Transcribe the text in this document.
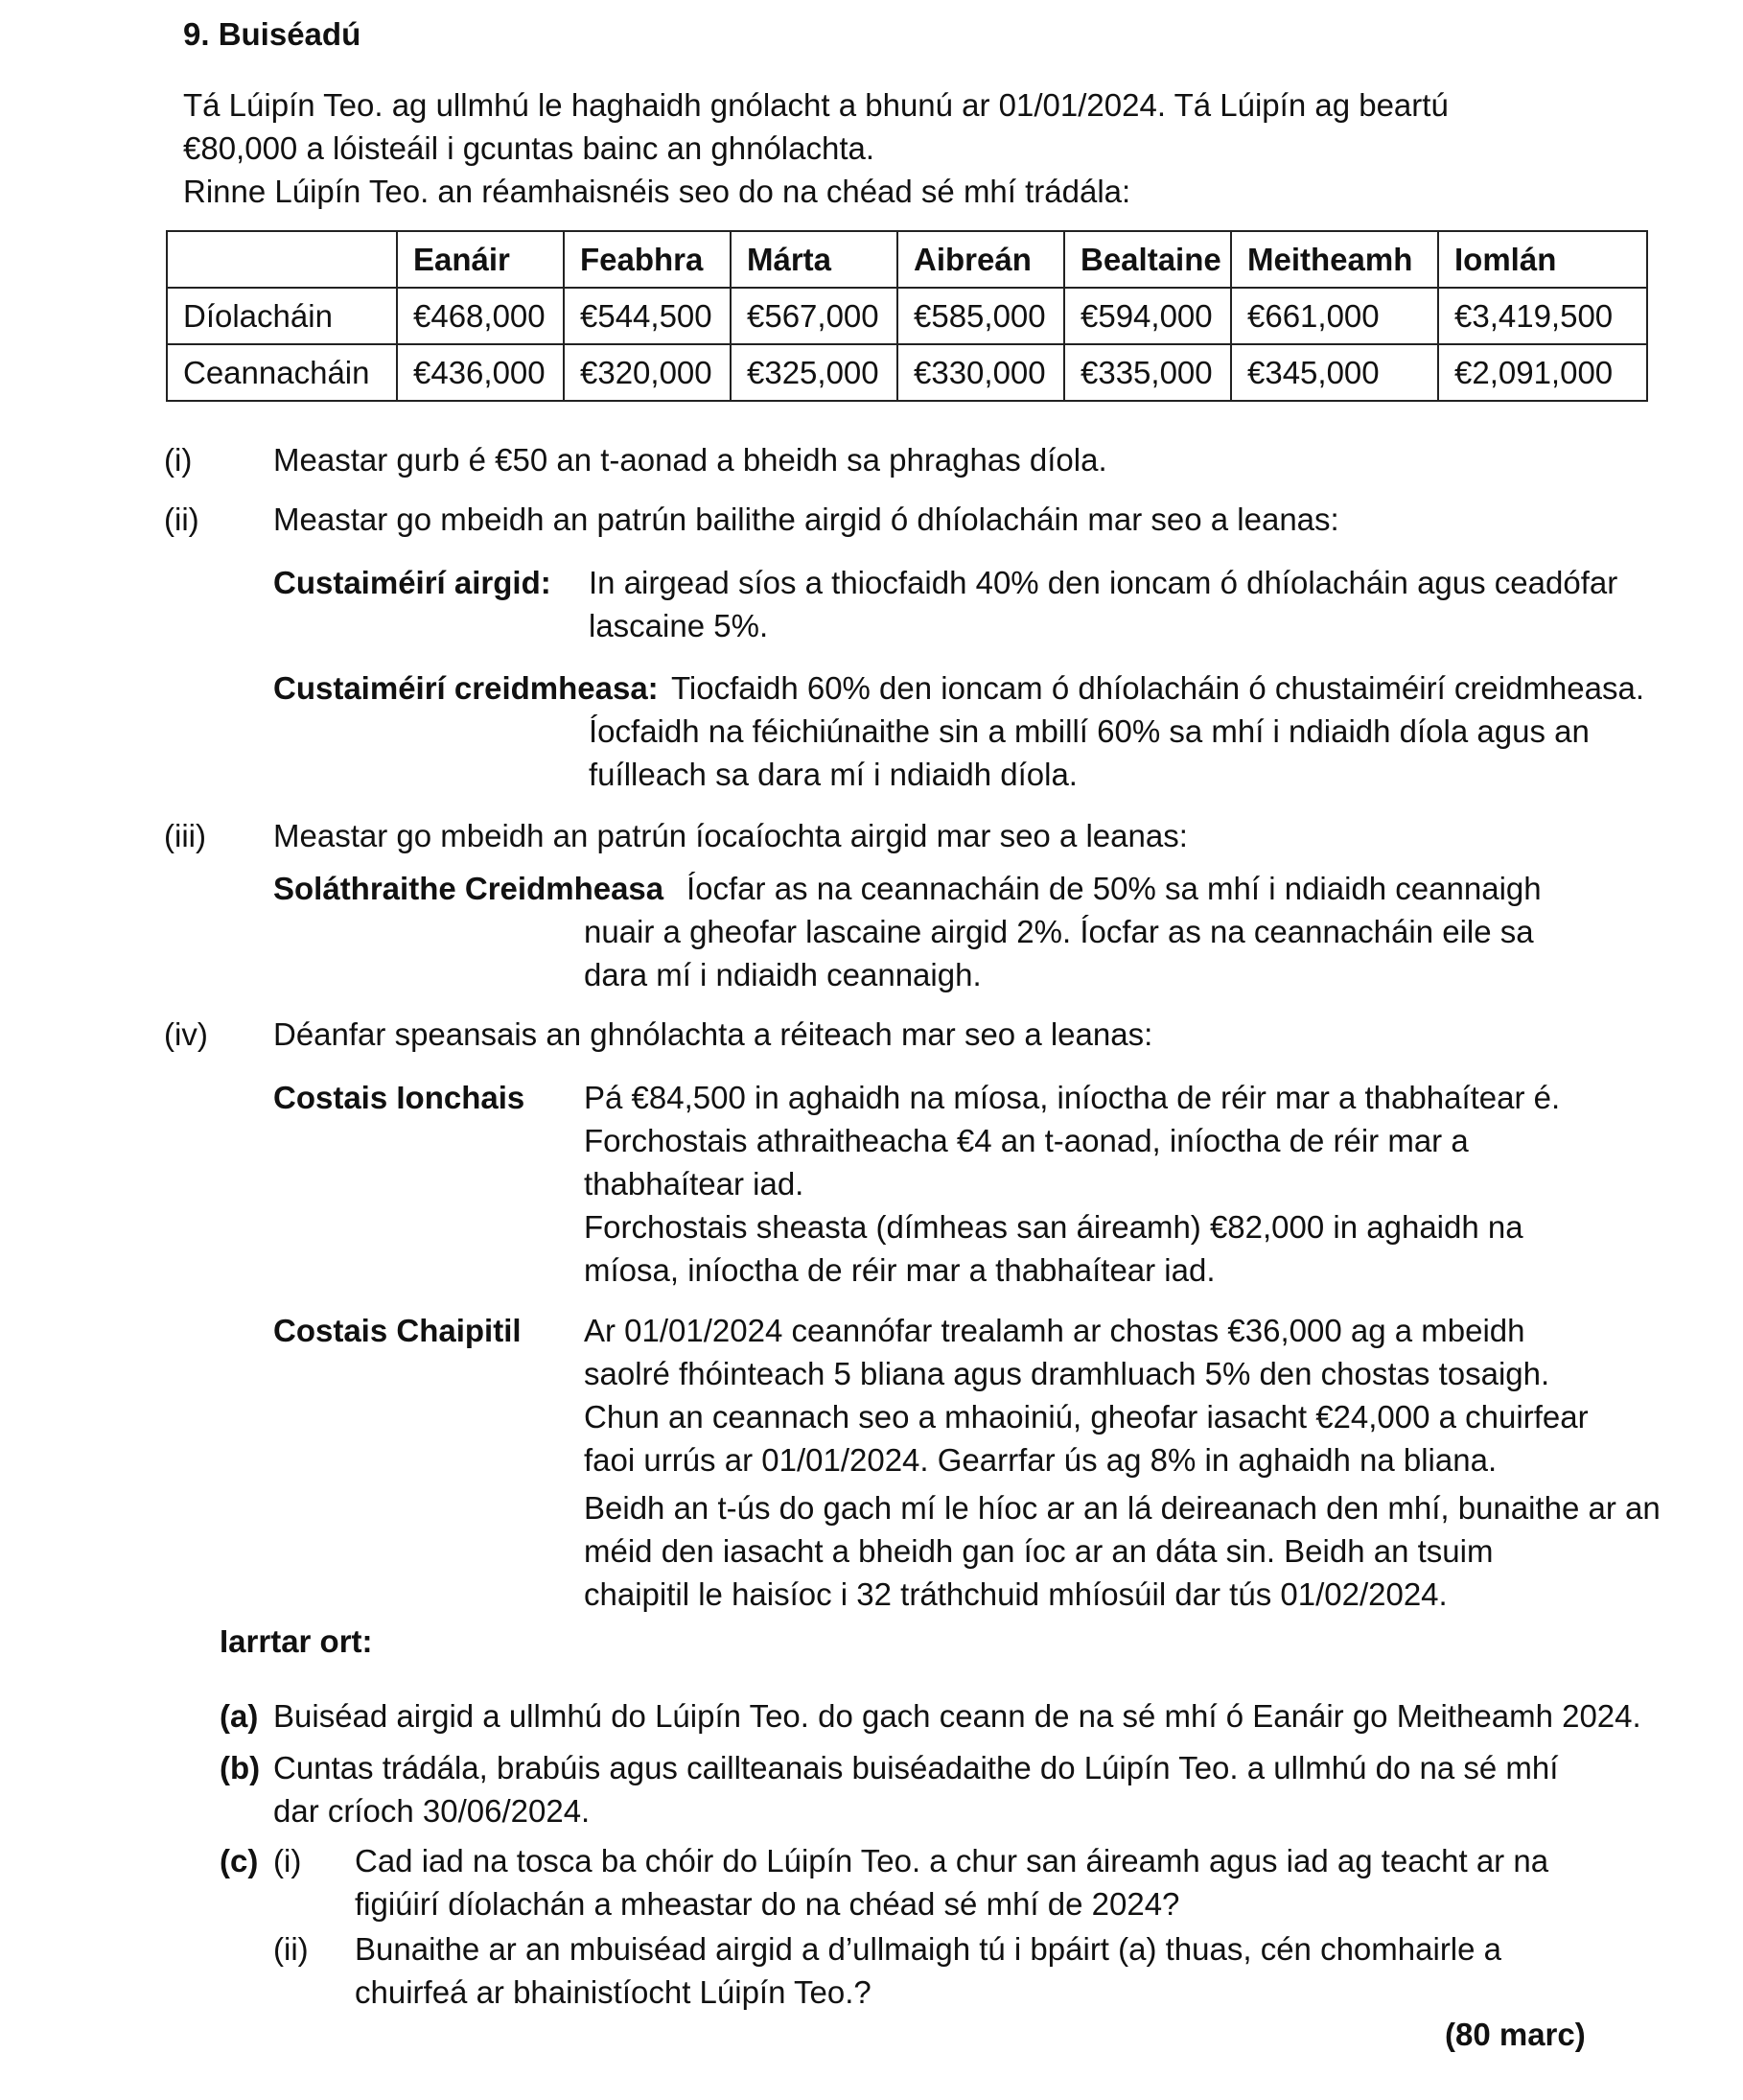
9. Buiséadú
Tá Lúipín Teo. ag ullmhú le haghaidh gnólacht a bhunú ar 01/01/2024. Tá Lúipín ag beartú
€80,000 a lóisteáil i gcuntas bainc an ghnólachta.
Rinne Lúipín Teo. an réamhaisnéis seo do na chéad sé mhí trádála:
	Eanáir	Feabhra	Márta	Aibreán	Bealtaine	Meitheamh	Iomlán
Díolacháin	€468,000	€544,500	€567,000	€585,000	€594,000	€661,000	€3,419,500
Ceannacháin	€436,000	€320,000	€325,000	€330,000	€335,000	€345,000	€2,091,000
(i)	Meastar gurb é €50 an t-aonad a bheidh sa phraghas díola.
(ii) Meastar go mbeidh an patrún bailithe airgid ó dhíolacháin mar seo a leanas:
Custaiméirí airgid: In airgead síos a thiocfaidh 40% den ioncam ó dhíolacháin agus ceadófar
lascaine 5%.
Custaiméirí creidmheasa: Tiocfaidh 60% den ioncam ó dhíolacháin ó chustaiméirí creidmheasa.
Íocfaidh na féichiúnaithe sin a mbillí 60% sa mhí i ndiaidh díola agus an
fuílleach sa dara mí i ndiaidh díola.
(iii) Meastar go mbeidh an patrún íocaíochta airgid mar seo a leanas:
Soláthraithe Creidmheasa Íocfar as na ceannacháin de 50% sa mhí i ndiaidh ceannaigh
nuair a gheofar lascaine airgid 2%. Íocfar as na ceannacháin eile sa
dara mí i ndiaidh ceannaigh.
(iv) Déanfar speansais an ghnólachta a réiteach mar seo a leanas:
Costais Ionchais Pá €84,500 in aghaidh na míosa, iníoctha de réir mar a thabhaítear é.
Forchostais athraitheacha €4 an t-aonad, iníoctha de réir mar a
thabhaítear iad.
Forchostais sheasta (dímheas san áireamh) €82,000 in aghaidh na
míosa, iníoctha de réir mar a thabhaítear iad.
Costais Chaipitil Ar 01/01/2024 ceannófar trealamh ar chostas €36,000 ag a mbeidh
saolré fhóinteach 5 bliana agus dramhluach 5% den chostas tosaigh.
Chun an ceannach seo a mhaoiniú, gheofar iasacht €24,000 a chuirfear
faoi urrús ar 01/01/2024. Gearrfar ús ag 8% in aghaidh na bliana.
Beidh an t-ús do gach mí le híoc ar an lá deireanach den mhí, bunaithe ar an
méid den iasacht a bheidh gan íoc ar an dáta sin. Beidh an tsuim
chaipitil le haisíoc i 32 tráthchuid mhíosúil dar tús 01/02/2024.
Iarrtar ort:
(a) Buiséad airgid a ullmhú do Lúipín Teo. do gach ceann de na sé mhí ó Eanáir go Meitheamh 2024.
(b) Cuntas trádála, brabúis agus caillteanais buiséadaithe do Lúipín Teo. a ullmhú do na sé mhí
dar críoch 30/06/2024.
(c) (i) Cad iad na tosca ba chóir do Lúipín Teo. a chur san áireamh agus iad ag teacht ar na
figiúirí díolachán a mheastar do na chéad sé mhí de 2024?
(ii) Bunaithe ar an mbuiséad airgid a d’ullmaigh tú i bpáirt (a) thuas, cén chomhairle a
chuirfeá ar bhainistíocht Lúipín Teo.?
(80 marc)
